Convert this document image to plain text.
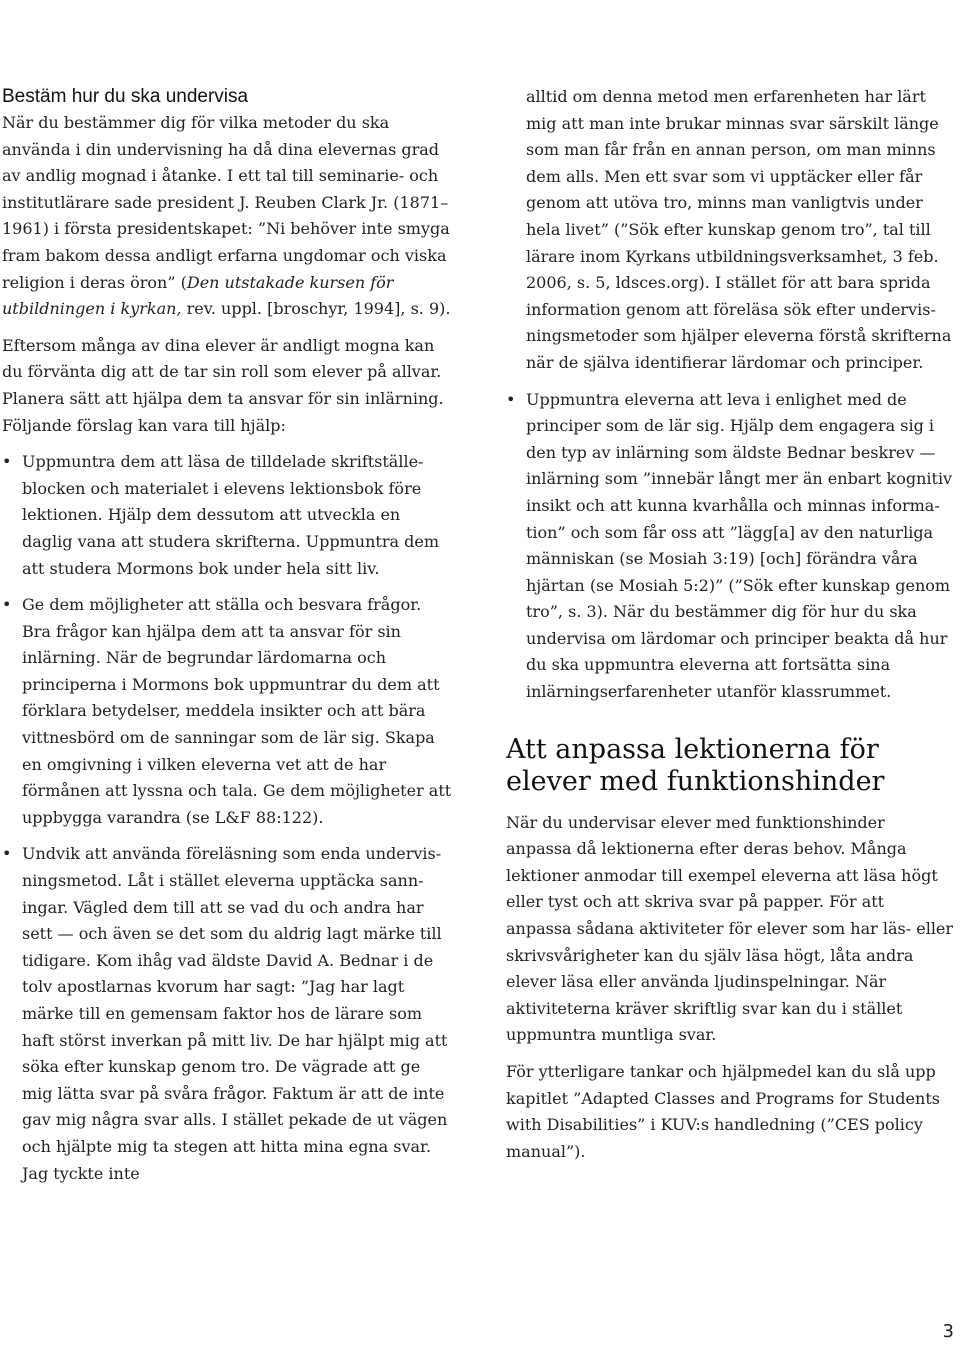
Bestäm hur du ska undervisa

När du bestämmer dig för vilka metoder du ska använda i din undervisning ha då dina elevernas grad av andlig mognad i åtanke. I ett tal till seminarie- och institutlärare sade president J. Reuben Clark Jr. (1871–1961) i första presidentskapet: ”Ni behöver inte smyga fram bakom dessa andligt erfarna ungdomar och viska religion i deras öron” (Den utstakade kursen för utbildningen i kyrkan, rev. uppl. [broschyr, 1994], s. 9).

Eftersom många av dina elever är andligt mogna kan du förvänta dig att de tar sin roll som elever på allvar. Planera sätt att hjälpa dem ta ansvar för sin inlärning. Följande förslag kan vara till hjälp:

• Uppmuntra dem att läsa de tilldelade skriftställeblocken och materialet i elevens lektionsbok före lektionen. Hjälp dem dessutom att utveckla en daglig vana att studera skrifterna. Uppmuntra dem att studera Mormons bok under hela sitt liv.
• Ge dem möjligheter att ställa och besvara frågor. Bra frågor kan hjälpa dem att ta ansvar för sin inlärning. När de begrundar lärdomarna och principerna i Mormons bok uppmuntrar du dem att förklara betydelser, meddela insikter och att bära vittnesbörd om de sanningar som de lär sig. Skapa en omgivning i vilken eleverna vet att de har förmånen att lyssna och tala. Ge dem möjligheter att uppbygga varandra (se L&F 88:122).
• Undvik att använda föreläsning som enda undervisningsmetod. Låt i stället eleverna upptäcka sanningar. Vägled dem till att se vad du och andra har sett — och även se det som du aldrig lagt märke till tidigare. Kom ihåg vad äldste David A. Bednar i de tolv apostlarnas kvorum har sagt: ”Jag har lagt märke till en gemensam faktor hos de lärare som haft störst inverkan på mitt liv. De har hjälpt mig att söka efter kunskap genom tro. De vägrade att ge mig lätta svar på svåra frågor. Faktum är att de inte gav mig några svar alls. I stället pekade de ut vägen och hjälpte mig ta stegen att hitta mina egna svar. Jag tyckte inte

alltid om denna metod men erfarenheten har lärt mig att man inte brukar minnas svar särskilt länge som man får från en annan person, om man minns dem alls. Men ett svar som vi upptäcker eller får genom att utöva tro, minns man vanligtvis under hela livet” (”Sök efter kunskap genom tro”, tal till lärare inom Kyrkans utbildningsverksamhet, 3 feb. 2006, s. 5, ldsces.org). I stället för att bara sprida information genom att föreläsa sök efter undervisningsmetoder som hjälper eleverna förstå skrifterna när de själva identifierar lärdomar och principer.

• Uppmuntra eleverna att leva i enlighet med de principer som de lär sig. Hjälp dem engagera sig i den typ av inlärning som äldste Bednar beskrev — inlärning som ”innebär långt mer än enbart kognitiv insikt och att kunna kvarhålla och minnas information” och som får oss att ”lägg[a] av den naturliga människan (se Mosiah 3:19) [och] förändra våra hjärtan (se Mosiah 5:2)” (”Sök efter kunskap genom tro”, s. 3). När du bestämmer dig för hur du ska undervisa om lärdomar och principer beakta då hur du ska uppmuntra eleverna att fortsätta sina inlärningserfarenheter utanför klassrummet.
Att anpassa lektionerna för elever med funktionshinder

När du undervisar elever med funktionshinder anpassa då lektionerna efter deras behov. Många lektioner anmodar till exempel eleverna att läsa högt eller tyst och att skriva svar på papper. För att anpassa sådana aktiviteter för elever som har läs- eller skrivsvårigheter kan du själv läsa högt, låta andra elever läsa eller använda ljudinspelningar. När aktiviteterna kräver skriftlig svar kan du i stället uppmuntra muntliga svar.

För ytterligare tankar och hjälpmedel kan du slå upp kapitlet ”Adapted Classes and Programs for Students with Disabilities” i KUV:s handledning (”CES policy manual”).

3
